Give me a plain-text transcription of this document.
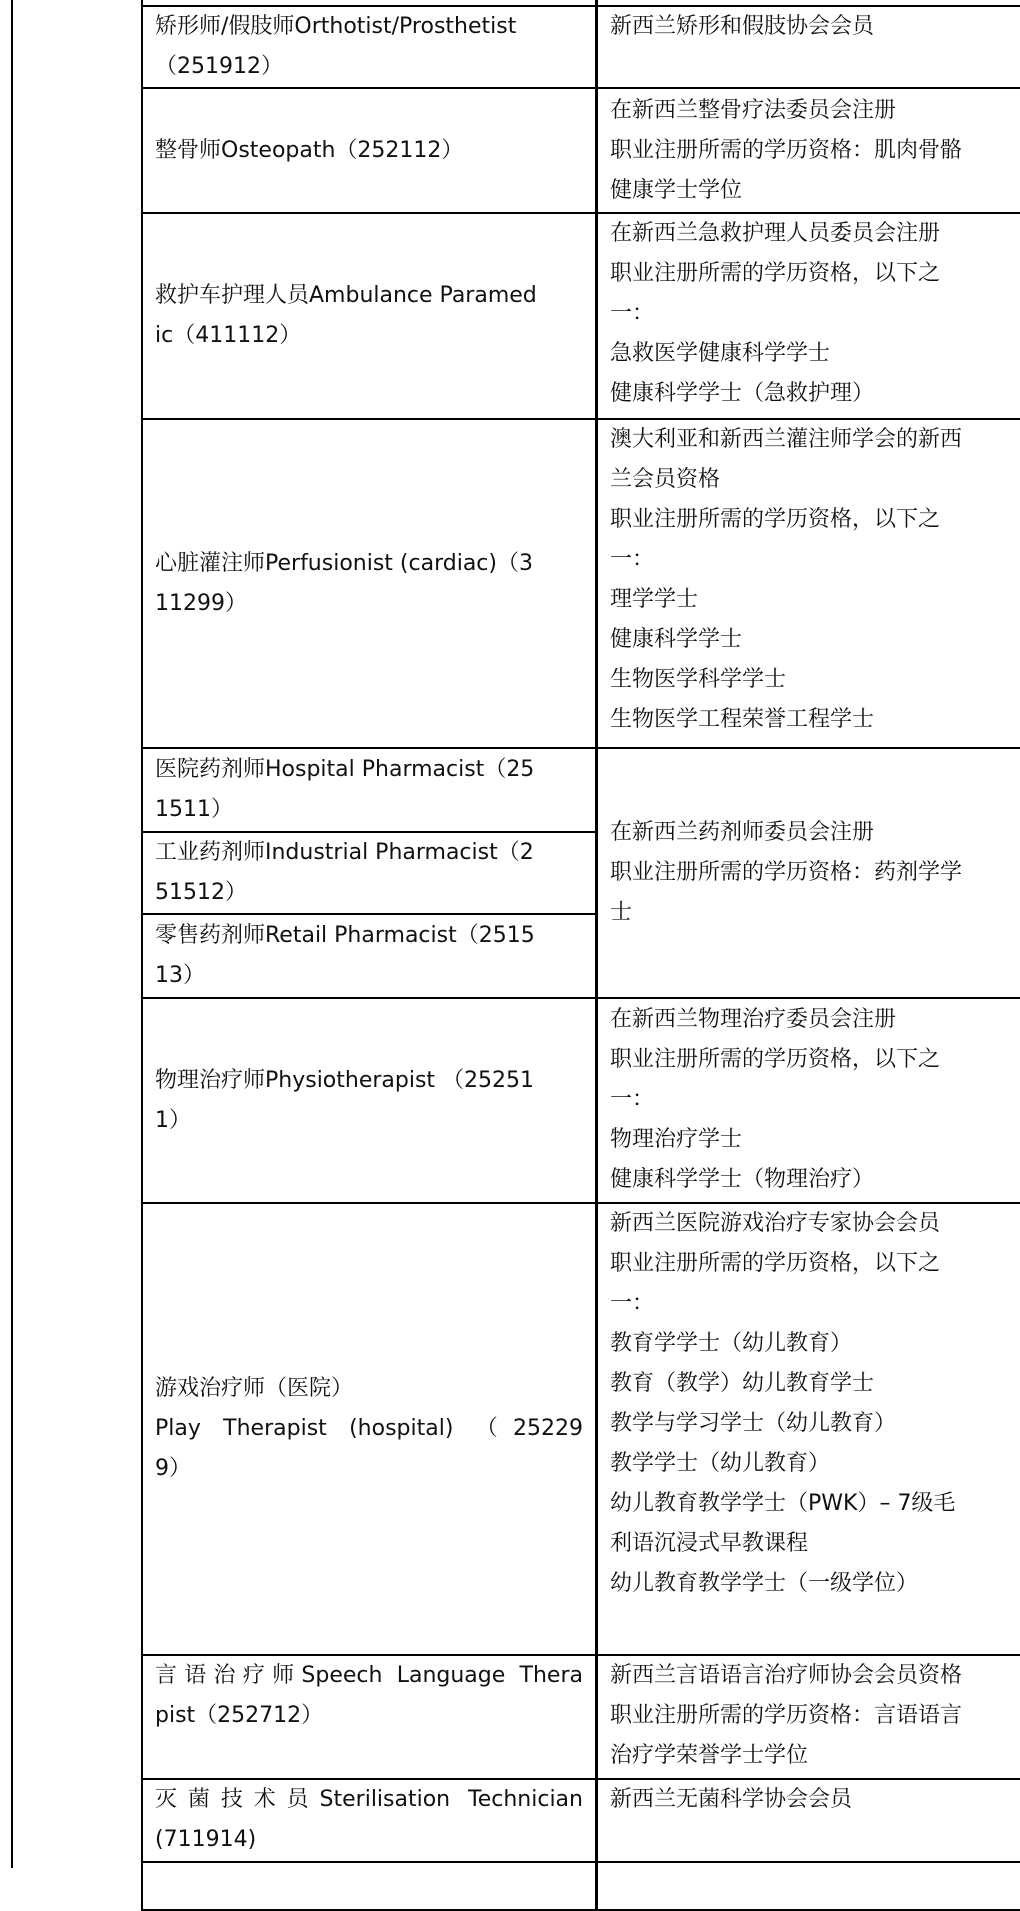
矫形师/假肢师Orthotist/Prosthetist
（251912）
新西兰矫形和假肢协会会员
整骨师Osteopath（252112）
在新西兰整骨疗法委员会注册
职业注册所需的学历资格：肌肉骨骼
健康学士学位
救护车护理人员Ambulance Paramed
ic（411112）
在新西兰急救护理人员委员会注册
职业注册所需的学历资格，以下之
一：
急救医学健康科学学士
健康科学学士（急救护理）
心脏灌注师Perfusionist (cardiac)（3
11299）
澳大利亚和新西兰灌注师学会的新西
兰会员资格
职业注册所需的学历资格，以下之
一：
理学学士
健康科学学士
生物医学科学学士
生物医学工程荣誉工程学士
医院药剂师Hospital Pharmacist（25
1511）
在新西兰药剂师委员会注册
职业注册所需的学历资格：药剂学学
士
工业药剂师Industrial Pharmacist（2
51512）
零售药剂师Retail Pharmacist（2515
13）
物理治疗师Physiotherapist （25251
1）
在新西兰物理治疗委员会注册
职业注册所需的学历资格，以下之
一：
物理治疗学士
健康科学学士（物理治疗）
游戏治疗师（医院）
Play Therapist (hospital) （25229
9）
新西兰医院游戏治疗专家协会会员
职业注册所需的学历资格，以下之
一：
教育学学士（幼儿教育）
教育（教学）幼儿教育学士
教学与学习学士（幼儿教育）
教学学士（幼儿教育）
幼儿教育教学学士（PWK）– 7级毛
利语沉浸式早教课程
幼儿教育教学学士（一级学位）
言语治疗师Speech Language Thera
pist（252712）
新西兰言语语言治疗师协会会员资格
职业注册所需的学历资格：言语语言
治疗学荣誉学士学位
灭菌技术员Sterilisation Technician
(711914)
新西兰无菌科学协会会员
